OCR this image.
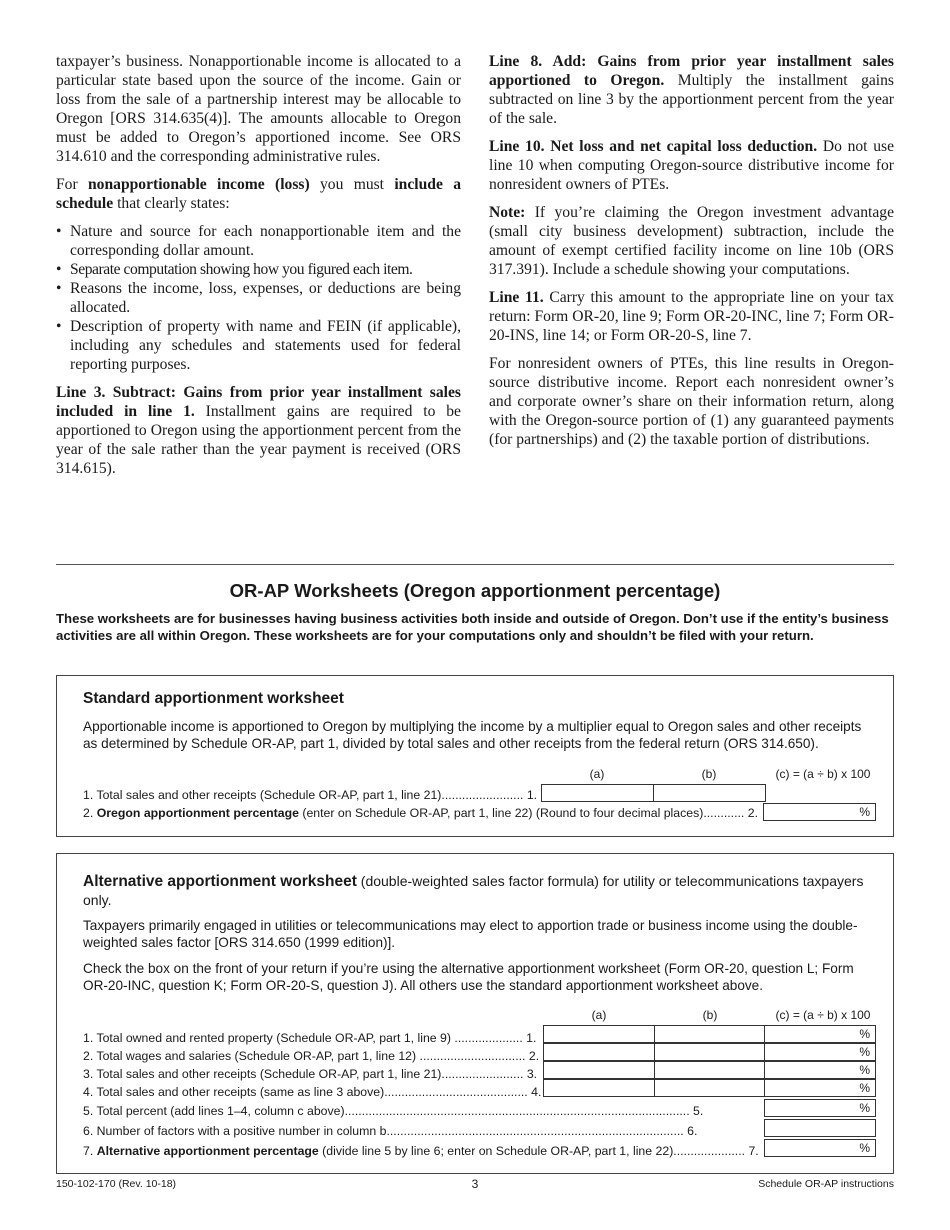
taxpayer’s business. Nonapportionable income is allocated to a particular state based upon the source of the income. Gain or loss from the sale of a partnership interest may be allocable to Oregon [ORS 314.635(4)]. The amounts allocable to Oregon must be added to Oregon’s apportioned income. See ORS 314.610 and the corresponding administrative rules.

For nonapportionable income (loss) you must include a schedule that clearly states:

• Nature and source for each nonapportionable item and the corresponding dollar amount.
• Separate computation showing how you figured each item.
• Reasons the income, loss, expenses, or deductions are being allocated.
• Description of property with name and FEIN (if applicable), including any schedules and statements used for federal reporting purposes.

Line 3. Subtract: Gains from prior year installment sales included in line 1. Installment gains are required to be apportioned to Oregon using the apportionment percent from the year of the sale rather than the year payment is received (ORS 314.615).

Line 8. Add: Gains from prior year installment sales apportioned to Oregon. Multiply the installment gains subtracted on line 3 by the apportionment percent from the year of the sale.

Line 10. Net loss and net capital loss deduction. Do not use line 10 when computing Oregon-source distributive income for nonresident owners of PTEs.

Note: If you’re claiming the Oregon investment advantage (small city business development) subtraction, include the amount of exempt certified facility income on line 10b (ORS 317.391). Include a schedule showing your computations.

Line 11. Carry this amount to the appropriate line on your tax return: Form OR-20, line 9; Form OR-20-INC, line 7; Form OR-20-INS, line 14; or Form OR-20-S, line 7.

For nonresident owners of PTEs, this line results in Oregon-source distributive income. Report each nonresident owner’s and corporate owner’s share on their information return, along with the Oregon-source portion of (1) any guaranteed payments (for partnerships) and (2) the taxable portion of distributions.

OR-AP Worksheets (Oregon apportionment percentage)
These worksheets are for businesses having business activities both inside and outside of Oregon. Don’t use if the entity’s business activities are all within Oregon. These worksheets are for your computations only and shouldn’t be filed with your return.
Standard apportionment worksheet

Apportionable income is apportioned to Oregon by multiplying the income by a multiplier equal to Oregon sales and other receipts as determined by Schedule OR-AP, part 1, divided by total sales and other receipts from the federal return (ORS 314.650).

(a)	(b)	(c) = (a ÷ b) x 100
1. Total sales and other receipts (Schedule OR-AP, part 1, line 21)........................ 1.
2. Oregon apportionment percentage (enter on Schedule OR-AP, part 1, line 22) (Round to four decimal places)............ 2.	%

Alternative apportionment worksheet (double-weighted sales factor formula) for utility or telecommunications taxpayers only.

Taxpayers primarily engaged in utilities or telecommunications may elect to apportion trade or business income using the double-weighted sales factor [ORS 314.650 (1999 edition)].

Check the box on the front of your return if you’re using the alternative apportionment worksheet (Form OR-20, question L; Form OR-20-INC, question K; Form OR-20-S, question J). All others use the standard apportionment worksheet above.

(a)	(b)	(c) = (a ÷ b) x 100
1. Total owned and rented property (Schedule OR-AP, part 1, line 9) .................... 1.	%
2. Total wages and salaries (Schedule OR-AP, part 1, line 12) ............................... 2.	%
3. Total sales and other receipts (Schedule OR-AP, part 1, line 21)........................ 3.	%
4. Total sales and other receipts (same as line 3 above).......................................... 4.	%
5. Total percent (add lines 1–4, column c above)..................................................................................................... 5.	%
6. Number of factors with a positive number in column b....................................................................................... 6.
7. Alternative apportionment percentage (divide line 5 by line 6; enter on Schedule OR-AP, part 1, line 22)..................... 7.	%
150-102-170 (Rev. 10-18)	3	Schedule OR-AP instructions
